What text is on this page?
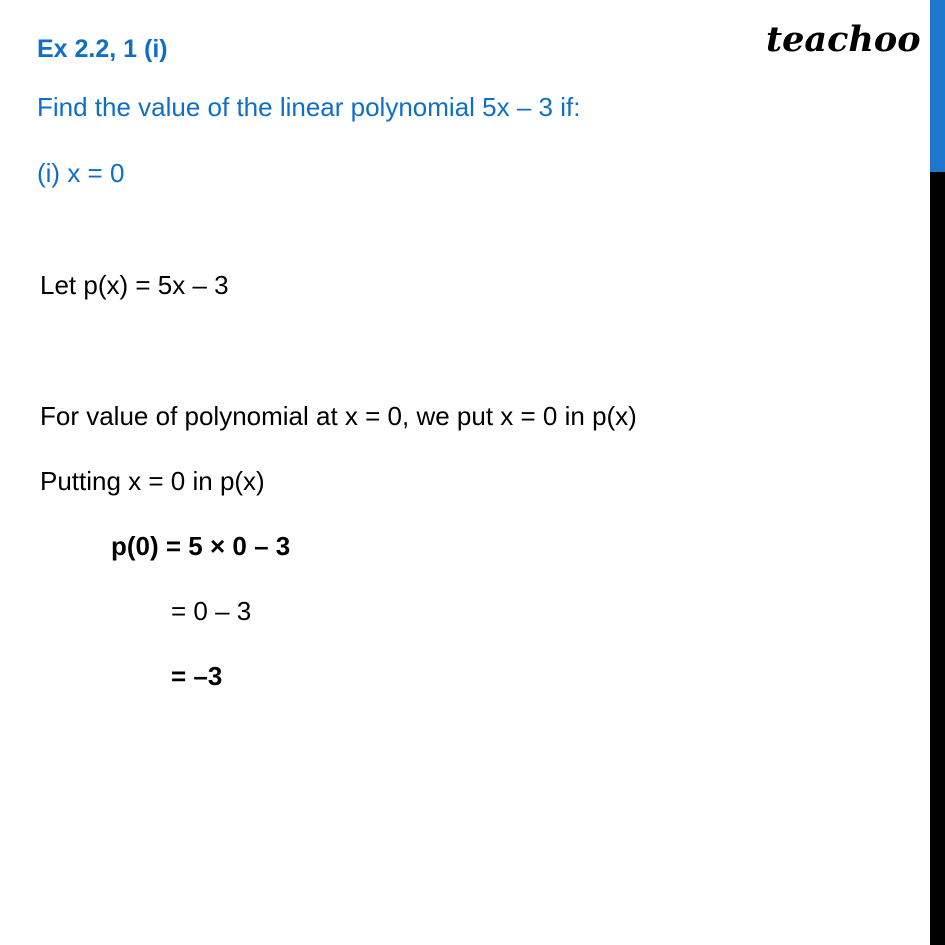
Ex 2.2, 1 (i)	teachoo
Find the value of the linear polynomial 5x – 3 if:
(i) x = 0
Let p(x) = 5x – 3
For value of polynomial at x = 0, we put x = 0 in p(x)
Putting x = 0 in p(x)
p(0) = 5 × 0 – 3
= 0 – 3
= –3
